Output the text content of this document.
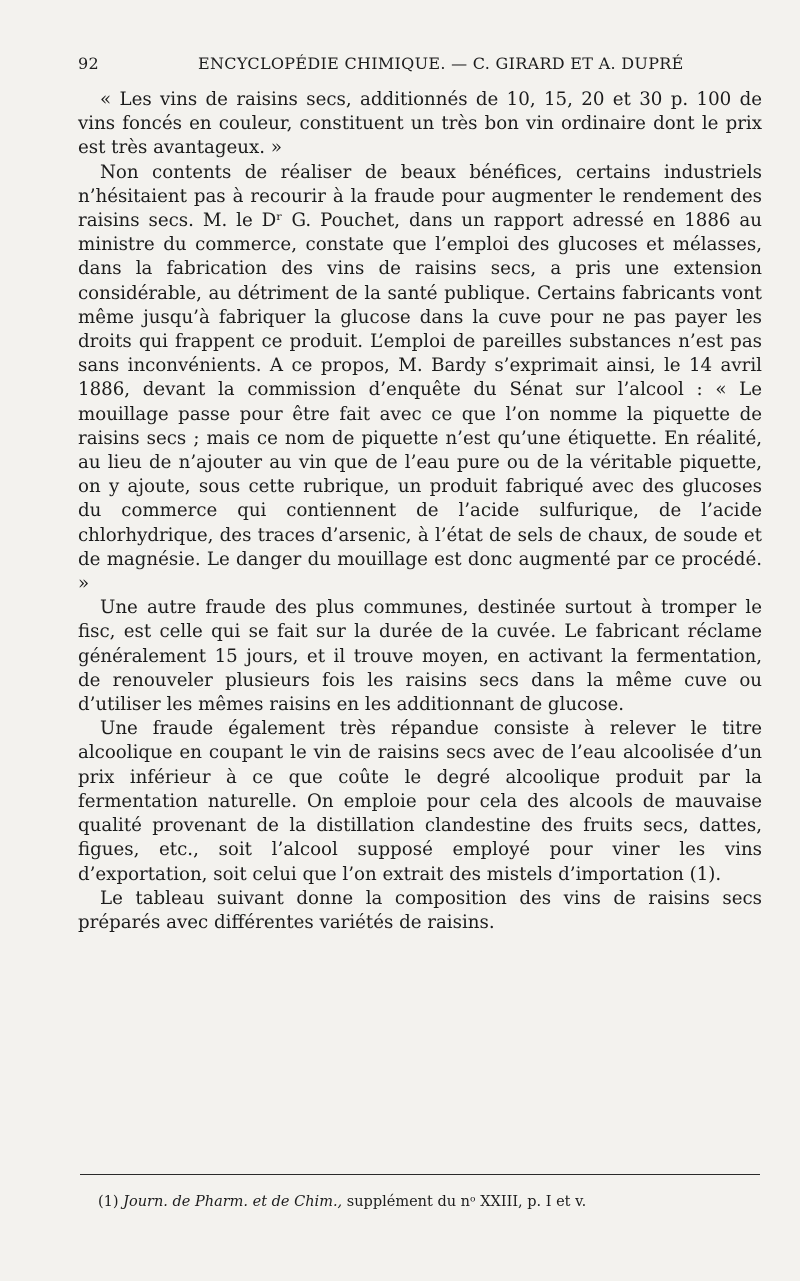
92	ENCYCLOPÉDIE CHIMIQUE. — C. GIRARD ET A. DUPRÉ

« Les vins de raisins secs, additionnés de 10, 15, 20 et 30 p. 100 de vins foncés en couleur, constituent un très bon vin ordinaire dont le prix est très avantageux. »

Non contents de réaliser de beaux bénéfices, certains industriels n’hésitaient pas à recourir à la fraude pour augmenter le rendement des raisins secs. M. le Dʳ G. Pouchet, dans un rapport adressé en 1886 au ministre du commerce, constate que l’emploi des glucoses et mélasses, dans la fabrication des vins de raisins secs, a pris une extension considérable, au détriment de la santé publique. Certains fabricants vont même jusqu’à fabriquer la glucose dans la cuve pour ne pas payer les droits qui frappent ce produit. L’emploi de pareilles substances n’est pas sans inconvénients. A ce propos, M. Bardy s’exprimait ainsi, le 14 avril 1886, devant la commission d’enquête du Sénat sur l’alcool : « Le mouillage passe pour être fait avec ce que l’on nomme la piquette de raisins secs ; mais ce nom de piquette n’est qu’une étiquette. En réalité, au lieu de n’ajouter au vin que de l’eau pure ou de la véritable piquette, on y ajoute, sous cette rubrique, un produit fabriqué avec des glucoses du commerce qui contiennent de l’acide sulfurique, de l’acide chlorhydrique, des traces d’arsenic, à l’état de sels de chaux, de soude et de magnésie. Le danger du mouillage est donc augmenté par ce procédé. »

Une autre fraude des plus communes, destinée surtout à tromper le fisc, est celle qui se fait sur la durée de la cuvée. Le fabricant réclame généralement 15 jours, et il trouve moyen, en activant la fermentation, de renouveler plusieurs fois les raisins secs dans la même cuve ou d’utiliser les mêmes raisins en les additionnant de glucose.

Une fraude également très répandue consiste à relever le titre alcoolique en coupant le vin de raisins secs avec de l’eau alcoolisée d’un prix inférieur à ce que coûte le degré alcoolique produit par la fermentation naturelle. On emploie pour cela des alcools de mauvaise qualité provenant de la distillation clandestine des fruits secs, dattes, figues, etc., soit l’alcool supposé employé pour viner les vins d’exportation, soit celui que l’on extrait des mistels d’importation (1).

Le tableau suivant donne la composition des vins de raisins secs préparés avec différentes variétés de raisins.

(1) Journ. de Pharm. et de Chim., supplément du nᵒ XXIII, p. I et v.
